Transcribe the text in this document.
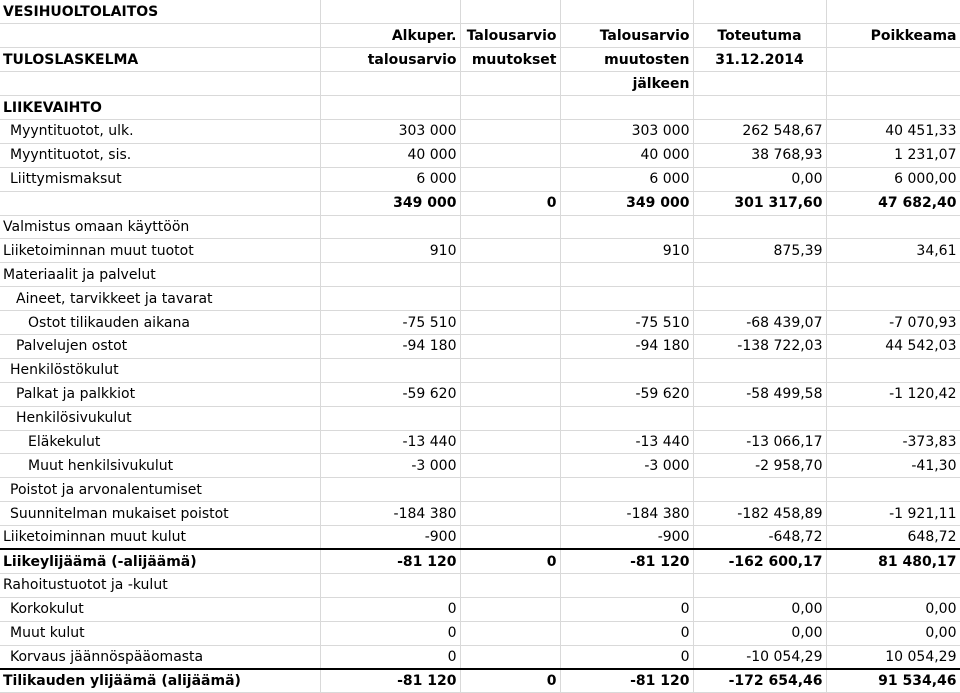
VESIHUOLTOLAITOS					
	Alkuper.	Talousarvio	Talousarvio	Toteutuma	Poikkeama
TULOSLASKELMA	talousarvio	muutokset	muutosten	31.12.2014	
			jälkeen		
LIIKEVAIHTO					
Myyntituotot, ulk.	303 000		303 000	262 548,67	40 451,33
Myyntituotot, sis.	40 000		40 000	38 768,93	1 231,07
Liittymismaksut	6 000		6 000	0,00	6 000,00
	349 000	0	349 000	301 317,60	47 682,40
Valmistus omaan käyttöön					
Liiketoiminnan muut tuotot	910		910	875,39	34,61
Materiaalit ja palvelut					
Aineet, tarvikkeet ja tavarat					
Ostot tilikauden aikana	-75 510		-75 510	-68 439,07	-7 070,93
Palvelujen ostot	-94 180		-94 180	-138 722,03	44 542,03
Henkilöstökulut					
Palkat ja palkkiot	-59 620		-59 620	-58 499,58	-1 120,42
Henkilösivukulut					
Eläkekulut	-13 440		-13 440	-13 066,17	-373,83
Muut henkilsivukulut	-3 000		-3 000	-2 958,70	-41,30
Poistot ja arvonalentumiset					
Suunnitelman mukaiset poistot	-184 380		-184 380	-182 458,89	-1 921,11
Liiketoiminnan muut kulut	-900		-900	-648,72	648,72
Liikeylijäämä (-alijäämä)	-81 120	0	-81 120	-162 600,17	81 480,17
Rahoitustuotot ja -kulut					
Korkokulut	0		0	0,00	0,00
Muut kulut	0		0	0,00	0,00
Korvaus jäännöspääomasta	0		0	-10 054,29	10 054,29
Tilikauden ylijäämä (alijäämä)	-81 120	0	-81 120	-172 654,46	91 534,46
